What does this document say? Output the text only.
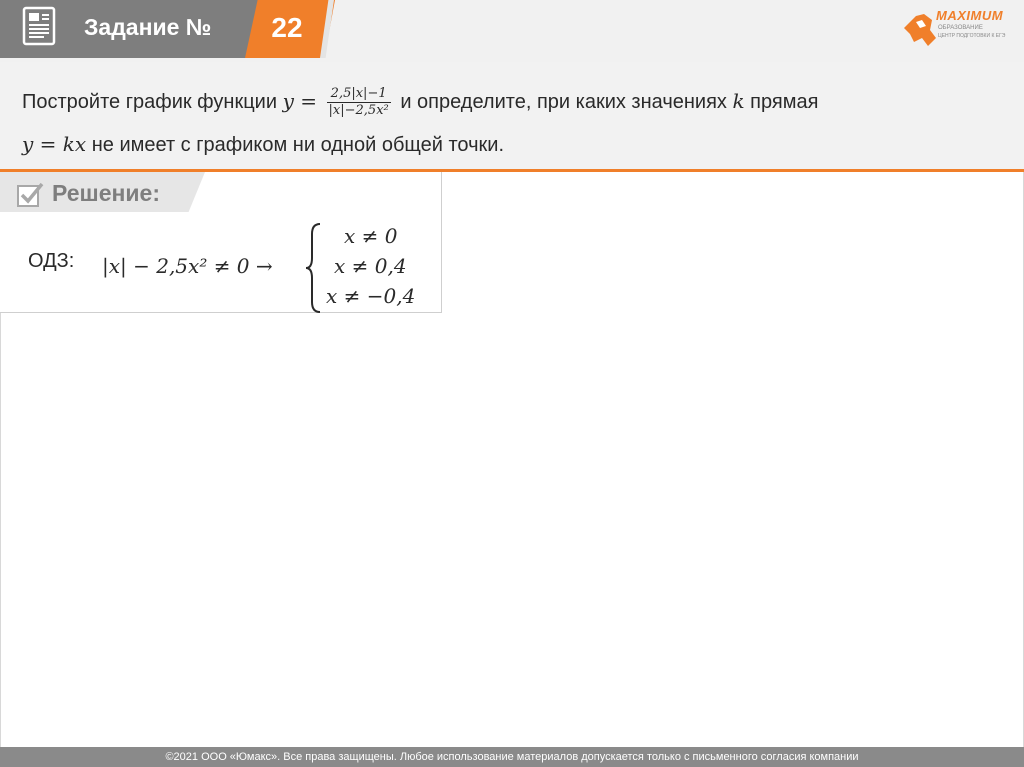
Задание №	22	MAXIMUM
ОБРАЗОВАНИЕ
ЦЕНТР ПОДГОТОВКИ К ЕГЭ
Постройте график функции $y = \frac{2,5|x|-1}{\text{|x|−2,5x²}}$ и определите, при каких значениях k прямая
y = kx не имеет с графиком ни одной общей точки.
Решение:
ОДЗ: |x| − 2,5x² ≠ 0 →
x ≠ 0
x ≠ 0,4
x ≠ −0,4
©2021 ООО «Юмакс». Все права защищены. Любое использование материалов допускается только с письменного согласия компании
